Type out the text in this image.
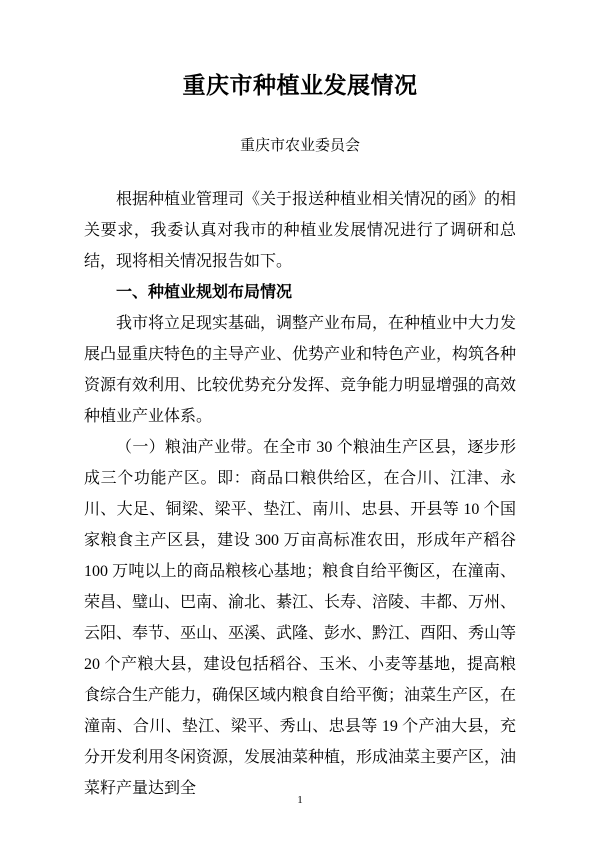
重庆市种植业发展情况
重庆市农业委员会

根据种植业管理司《关于报送种植业相关情况的函》的相关要求，我委认真对我市的种植业发展情况进行了调研和总结，现将相关情况报告如下。

一、种植业规划布局情况

我市将立足现实基础，调整产业布局，在种植业中大力发展凸显重庆特色的主导产业、优势产业和特色产业，构筑各种资源有效利用、比较优势充分发挥、竞争能力明显增强的高效种植业产业体系。

（一）粮油产业带。在全市 30 个粮油生产区县，逐步形成三个功能产区。即：商品口粮供给区，在合川、江津、永川、大足、铜梁、梁平、垫江、南川、忠县、开县等 10 个国家粮食主产区县，建设 300 万亩高标准农田，形成年产稻谷 100 万吨以上的商品粮核心基地；粮食自给平衡区，在潼南、荣昌、璧山、巴南、渝北、綦江、长寿、涪陵、丰都、万州、云阳、奉节、巫山、巫溪、武隆、彭水、黔江、酉阳、秀山等 20 个产粮大县，建设包括稻谷、玉米、小麦等基地，提高粮食综合生产能力，确保区域内粮食自给平衡；油菜生产区，在潼南、合川、垫江、梁平、秀山、忠县等 19 个产油大县，充分开发利用冬闲资源，发展油菜种植，形成油菜主要产区，油菜籽产量达到全

1
